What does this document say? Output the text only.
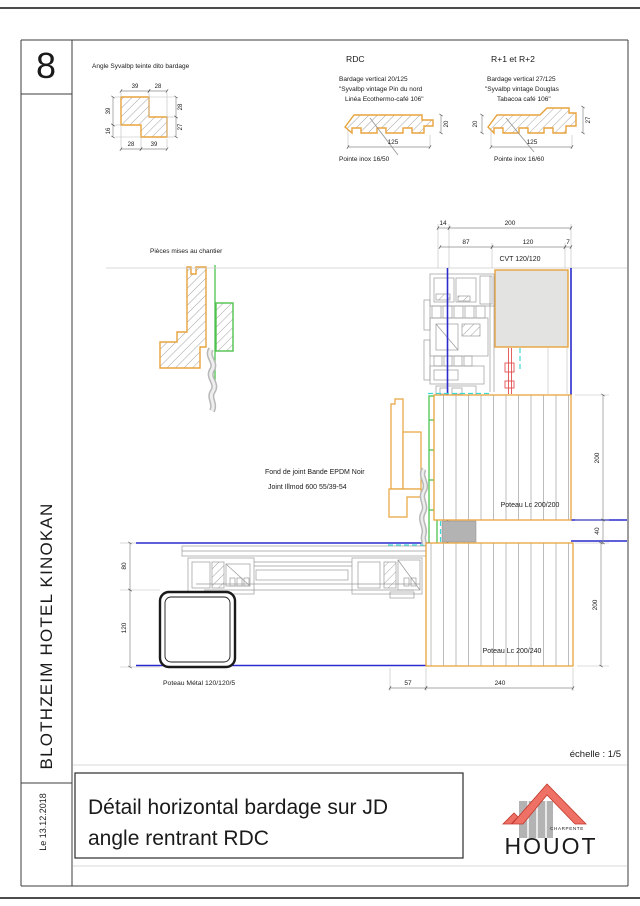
8
BLOTHZEIM HOTEL KINOKAN
Le 13.12.2018
échelle : 1/5
Angle Syvalbp teinte dito bardage
39	28
39
16
28
27
28	39
RDC
Bardage vertical 20/125
"Syvalbp vintage Pin du nord
Linéa Ecothermo-café 106"
20
125
Pointe inox 16/50
R+1 et R+2
Bardage vertical 27/125
"Syvalbp vintage Douglas
Tabacoa café 106"
20
27
125
Pointe inox 16/60
Pièces mises au chantier
14	200
87	120	7
CVT 120/120
Poteau Lc 200/200
Poteau Lc 200/240
Poteau Métal 120/120/5
Fond de joint Bande EPDM Noir
Joint Illmod 600 55/39-54
200
40
200
57	240
80
120
Détail horizontal bardage sur JD
angle rentrant RDC	CHARPENTE
HOUOT
